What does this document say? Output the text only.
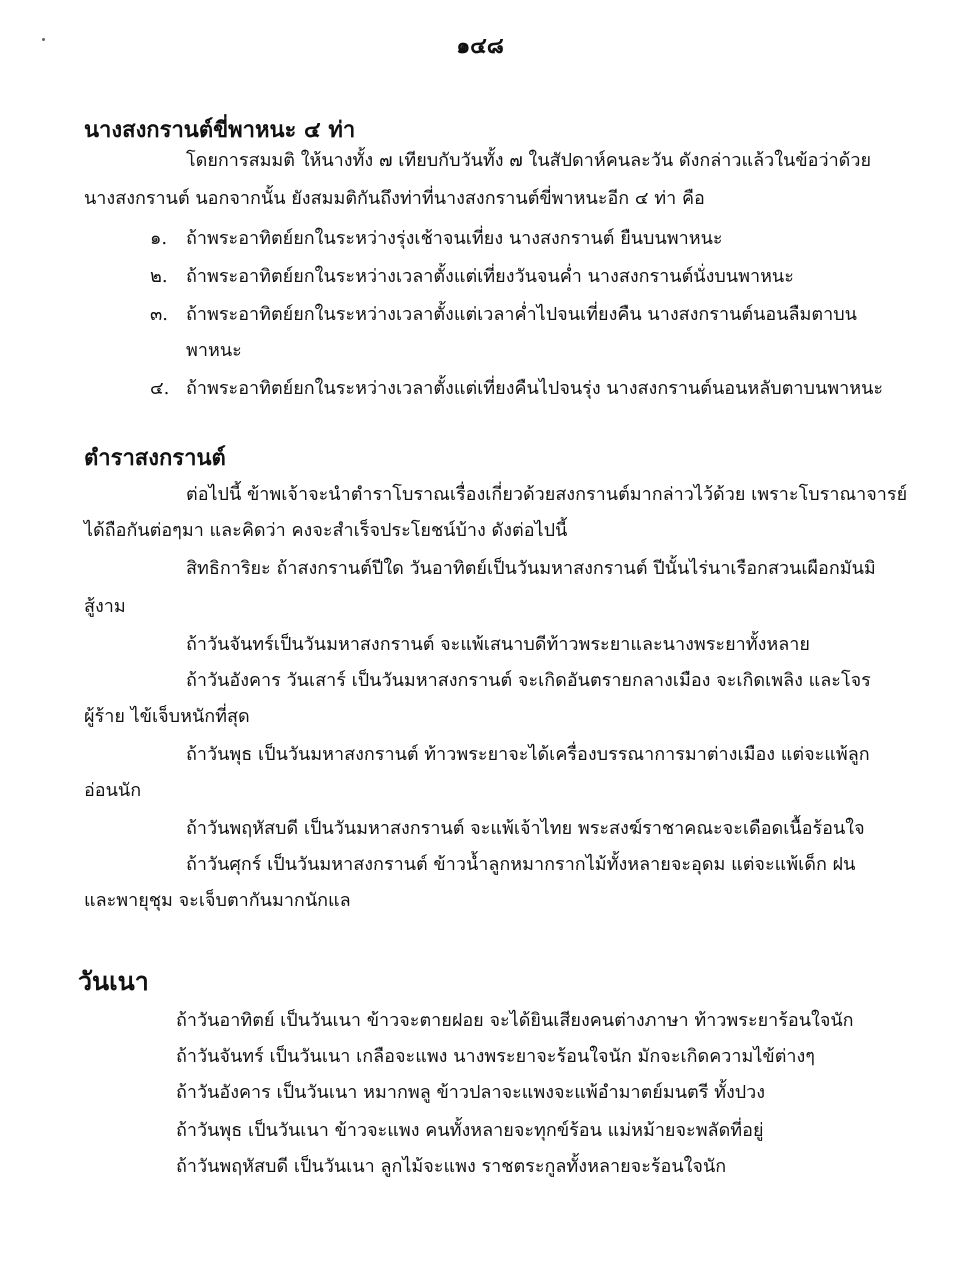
๑๔๘
นางสงกรานต์ขี่พาหนะ ๔ ท่า
โดยการสมมติ ให้นางทั้ง ๗ เทียบกับวันทั้ง ๗ ในสัปดาห์คนละวัน ดังกล่าวแล้วในข้อว่าด้วย
นางสงกรานต์ นอกจากนั้น ยังสมมติกันถึงท่าที่นางสงกรานต์ขี่พาหนะอีก ๔ ท่า คือ
๑. ถ้าพระอาทิตย์ยกในระหว่างรุ่งเช้าจนเที่ยง นางสงกรานต์ ยืนบนพาหนะ
๒. ถ้าพระอาทิตย์ยกในระหว่างเวลาตั้งแต่เที่ยงวันจนค่ำ นางสงกรานต์นั่งบนพาหนะ
๓. ถ้าพระอาทิตย์ยกในระหว่างเวลาตั้งแต่เวลาค่ำไปจนเที่ยงคืน นางสงกรานต์นอนลืมตาบน
พาหนะ
๔. ถ้าพระอาทิตย์ยกในระหว่างเวลาตั้งแต่เที่ยงคืนไปจนรุ่ง นางสงกรานต์นอนหลับตาบนพาหนะ
ตำราสงกรานต์
ต่อไปนี้ ข้าพเจ้าจะนำตำราโบราณเรื่องเกี่ยวด้วยสงกรานต์มากล่าวไว้ด้วย เพราะโบราณาจารย์
ได้ถือกันต่อๆมา และคิดว่า คงจะสำเร็จประโยชน์บ้าง ดังต่อไปนี้
สิทธิการิยะ ถ้าสงกรานต์ปีใด วันอาทิตย์เป็นวันมหาสงกรานต์ ปีนั้นไร่นาเรือกสวนเผือกมันมิ
สู้งาม
ถ้าวันจันทร์เป็นวันมหาสงกรานต์ จะแพ้เสนาบดีท้าวพระยาและนางพระยาทั้งหลาย
ถ้าวันอังคาร วันเสาร์ เป็นวันมหาสงกรานต์ จะเกิดอันตรายกลางเมือง จะเกิดเพลิง และโจร
ผู้ร้าย ไข้เจ็บหนักที่สุด
ถ้าวันพุธ เป็นวันมหาสงกรานต์ ท้าวพระยาจะได้เครื่องบรรณาการมาต่างเมือง แต่จะแพ้ลูก
อ่อนนัก
ถ้าวันพฤหัสบดี เป็นวันมหาสงกรานต์ จะแพ้เจ้าไทย พระสงฆ์ราชาคณะจะเดือดเนื้อร้อนใจ
ถ้าวันศุกร์ เป็นวันมหาสงกรานต์ ข้าวน้ำลูกหมากรากไม้ทั้งหลายจะอุดม แต่จะแพ้เด็ก ฝน
และพายุชุม จะเจ็บตากันมากนักแล
วันเนา
ถ้าวันอาทิตย์ เป็นวันเนา ข้าวจะตายฝอย จะได้ยินเสียงคนต่างภาษา ท้าวพระยาร้อนใจนัก
ถ้าวันจันทร์ เป็นวันเนา เกลือจะแพง นางพระยาจะร้อนใจนัก มักจะเกิดความไข้ต่างๆ
ถ้าวันอังคาร เป็นวันเนา หมากพลู ข้าวปลาจะแพงจะแพ้อำมาตย์มนตรี ทั้งปวง
ถ้าวันพุธ เป็นวันเนา ข้าวจะแพง คนทั้งหลายจะทุกข์ร้อน แม่หม้ายจะพลัดที่อยู่
ถ้าวันพฤหัสบดี เป็นวันเนา ลูกไม้จะแพง ราชตระกูลทั้งหลายจะร้อนใจนัก
